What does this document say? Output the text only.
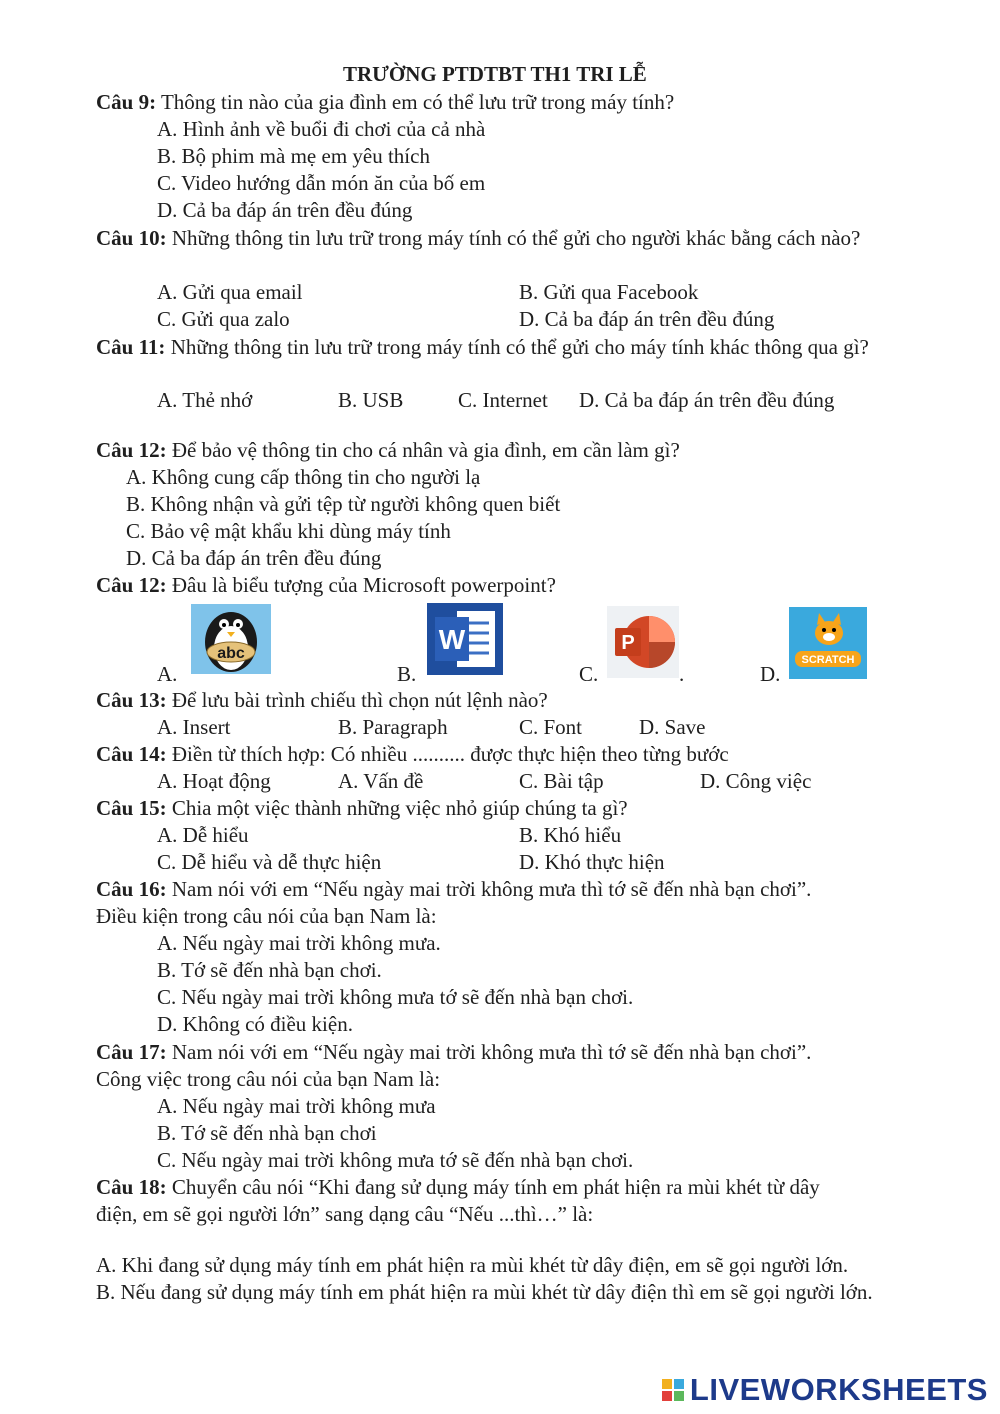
TRƯỜNG PTDTBT TH1 TRI LỄ
Câu 9: Thông tin nào của gia đình em có thể lưu trữ trong máy tính?
A. Hình ảnh về buổi đi chơi của cả nhà
B. Bộ phim mà mẹ em yêu thích
C. Video hướng dẫn món ăn của bố em
D. Cả ba đáp án trên đều đúng
Câu 10: Những thông tin lưu trữ trong máy tính có thể gửi cho người khác bằng cách nào?
A. Gửi qua email	B. Gửi qua Facebook
C. Gửi qua zalo	D. Cả ba đáp án trên đều đúng
Câu 11: Những thông tin lưu trữ trong máy tính có thể gửi cho máy tính khác thông qua gì?
A. Thẻ nhớ	B. USB	C. Internet D. Cả ba đáp án trên đều đúng
Câu 12: Để bảo vệ thông tin cho cá nhân và gia đình, em cần làm gì?
A. Không cung cấp thông tin cho người lạ
B. Không nhận và gửi tệp từ người không quen biết
C. Bảo vệ mật khẩu khi dùng máy tính
D. Cả ba đáp án trên đều đúng
Câu 12: Đâu là biểu tượng của Microsoft powerpoint?
A.
abc
B.
W
C.
P
.	D.
SCRATCH
Câu 13: Để lưu bài trình chiếu thì chọn nút lệnh nào?
A. Insert	B. Paragraph	C. Font	D. Save
Câu 14: Điền từ thích hợp: Có nhiều .......... được thực hiện theo từng bước
A. Hoạt động	A. Vấn đề	C. Bài tập	D. Công việc
Câu 15: Chia một việc thành những việc nhỏ giúp chúng ta gì?
A. Dễ hiểu	B. Khó hiểu
C. Dễ hiểu và dễ thực hiện	D. Khó thực hiện
Câu 16: Nam nói với em “Nếu ngày mai trời không mưa thì tớ sẽ đến nhà bạn chơi”.
Điều kiện trong câu nói của bạn Nam là:
A. Nếu ngày mai trời không mưa.
B. Tớ sẽ đến nhà bạn chơi.
C. Nếu ngày mai trời không mưa tớ sẽ đến nhà bạn chơi.
D. Không có điều kiện.
Câu 17: Nam nói với em “Nếu ngày mai trời không mưa thì tớ sẽ đến nhà bạn chơi”.
Công việc trong câu nói của bạn Nam là:
A. Nếu ngày mai trời không mưa
B. Tớ sẽ đến nhà bạn chơi
C. Nếu ngày mai trời không mưa tớ sẽ đến nhà bạn chơi.
Câu 18: Chuyển câu nói “Khi đang sử dụng máy tính em phát hiện ra mùi khét từ dây
điện, em sẽ gọi người lớn” sang dạng câu “Nếu ...thì…” là:
A. Khi đang sử dụng máy tính em phát hiện ra mùi khét từ dây điện, em sẽ gọi người lớn.
B. Nếu đang sử dụng máy tính em phát hiện ra mùi khét từ dây điện thì em sẽ gọi người lớn.
LIVEWORKSHEETS
